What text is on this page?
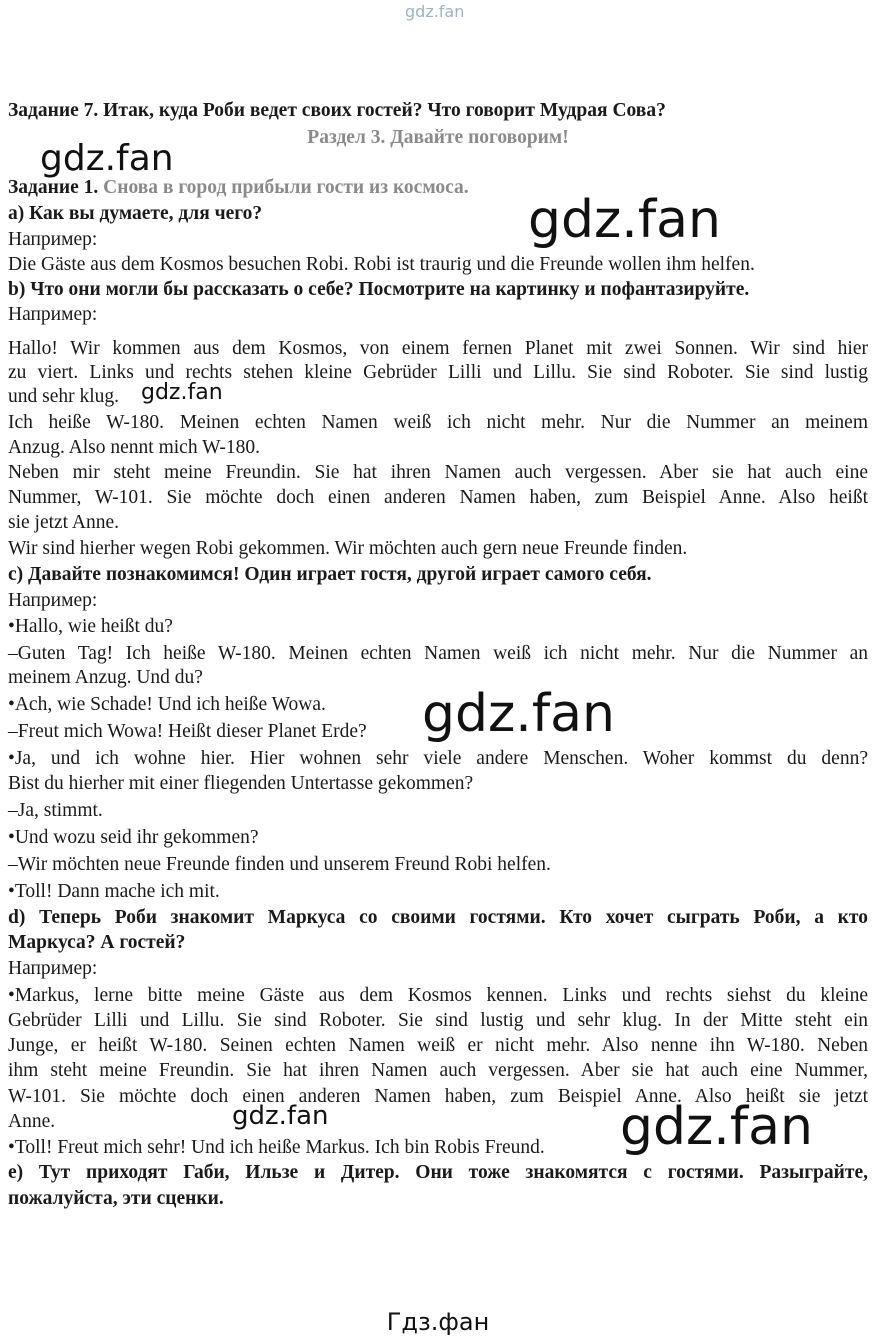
gdz.fan
Задание 7. Итак, куда Роби ведет своих гостей? Что говорит Мудрая Сова?
Раздел 3. Давайте поговорим!
Задание 1. Снова в город прибыли гости из космоса.
a) Как вы думаете, для чего?
Например:
Die Gäste aus dem Kosmos besuchen Robi. Robi ist traurig und die Freunde wollen ihm helfen.
b) Что они могли бы рассказать о себе? Посмотрите на картинку и пофантазируйте.
Например:
Hallo! Wir kommen aus dem Kosmos, von einem fernen Planet mit zwei Sonnen. Wir sind hier
zu viert. Links und rechts stehen kleine Gebrüder Lilli und Lillu. Sie sind Roboter. Sie sind lustig
und sehr klug.
Ich heiße W-180. Meinen echten Namen weiß ich nicht mehr. Nur die Nummer an meinem
Anzug. Also nennt mich W-180.
Neben mir steht meine Freundin. Sie hat ihren Namen auch vergessen. Aber sie hat auch eine
Nummer, W-101. Sie möchte doch einen anderen Namen haben, zum Beispiel Anne. Also heißt
sie jetzt Anne.
Wir sind hierher wegen Robi gekommen. Wir möchten auch gern neue Freunde finden.
c) Давайте познакомимся! Один играет гостя, другой играет самого себя.
Например:
•Hallo, wie heißt du?
–Guten Tag! Ich heiße W-180. Meinen echten Namen weiß ich nicht mehr. Nur die Nummer an
meinem Anzug. Und du?
•Ach, wie Schade! Und ich heiße Wowa.
–Freut mich Wowa! Heißt dieser Planet Erde?
•Ja, und ich wohne hier. Hier wohnen sehr viele andere Menschen. Woher kommst du denn?
Bist du hierher mit einer fliegenden Untertasse gekommen?
–Ja, stimmt.
•Und wozu seid ihr gekommen?
–Wir möchten neue Freunde finden und unserem Freund Robi helfen.
•Toll! Dann mache ich mit.
d) Теперь Роби знакомит Маркуса со своими гостями. Кто хочет сыграть Роби, а кто
Маркуса? А гостей?
Например:
•Markus, lerne bitte meine Gäste aus dem Kosmos kennen. Links und rechts siehst du kleine
Gebrüder Lilli und Lillu. Sie sind Roboter. Sie sind lustig und sehr klug. In der Mitte steht ein
Junge, er heißt W-180. Seinen echten Namen weiß er nicht mehr. Also nenne ihn W-180. Neben
ihm steht meine Freundin. Sie hat ihren Namen auch vergessen. Aber sie hat auch eine Nummer,
W-101. Sie möchte doch einen anderen Namen haben, zum Beispiel Anne. Also heißt sie jetzt
Anne.
•Toll! Freut mich sehr! Und ich heiße Markus. Ich bin Robis Freund.
e) Тут приходят Габи, Ильзе и Дитер. Они тоже знакомятся с гостями. Разыграйте,
пожалуйста, эти сценки.
gdz.fan
gdz.fan
gdz.fan
gdz.fan
gdz.fan	gdz.fan
Гдз.фан
